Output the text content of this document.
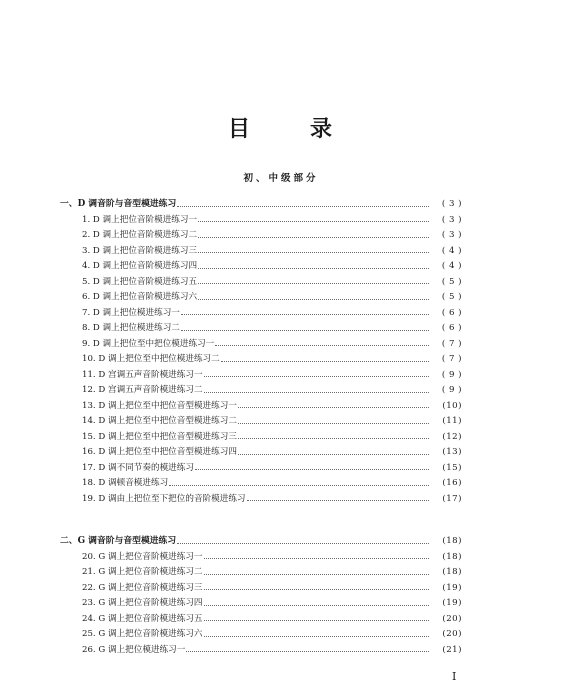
目	录
初、中级部分
一、D 调音阶与音型模进练习	( 3 )
1. D 调上把位音阶模进练习一	( 3 )
2. D 调上把位音阶模进练习二	( 3 )
3. D 调上把位音阶模进练习三	( 4 )
4. D 调上把位音阶模进练习四	( 4 )
5. D 调上把位音阶模进练习五	( 5 )
6. D 调上把位音阶模进练习六	( 5 )
7. D 调上把位模进练习一	( 6 )
8. D 调上把位模进练习二	( 6 )
9. D 调上把位至中把位模进练习一	( 7 )
10. D 调上把位至中把位模进练习二	( 7 )
11. D 宫调五声音阶模进练习一	( 9 )
12. D 宫调五声音阶模进练习二	( 9 )
13. D 调上把位至中把位音型模进练习一	(10)
14. D 调上把位至中把位音型模进练习二	(11)
15. D 调上把位至中把位音型模进练习三	(12)
16. D 调上把位至中把位音型模进练习四	(13)
17. D 调不同节奏的模进练习	(15)
18. D 调顿音模进练习	(16)
19. D 调由上把位至下把位的音阶模进练习	(17)
二、G 调音阶与音型模进练习	(18)
20. G 调上把位音阶模进练习一	(18)
21. G 调上把位音阶模进练习二	(18)
22. G 调上把位音阶模进练习三	(19)
23. G 调上把位音阶模进练习四	(19)
24. G 调上把位音阶模进练习五	(20)
25. G 调上把位音阶模进练习六	(20)
26. G 调上把位模进练习一	(21)
I
